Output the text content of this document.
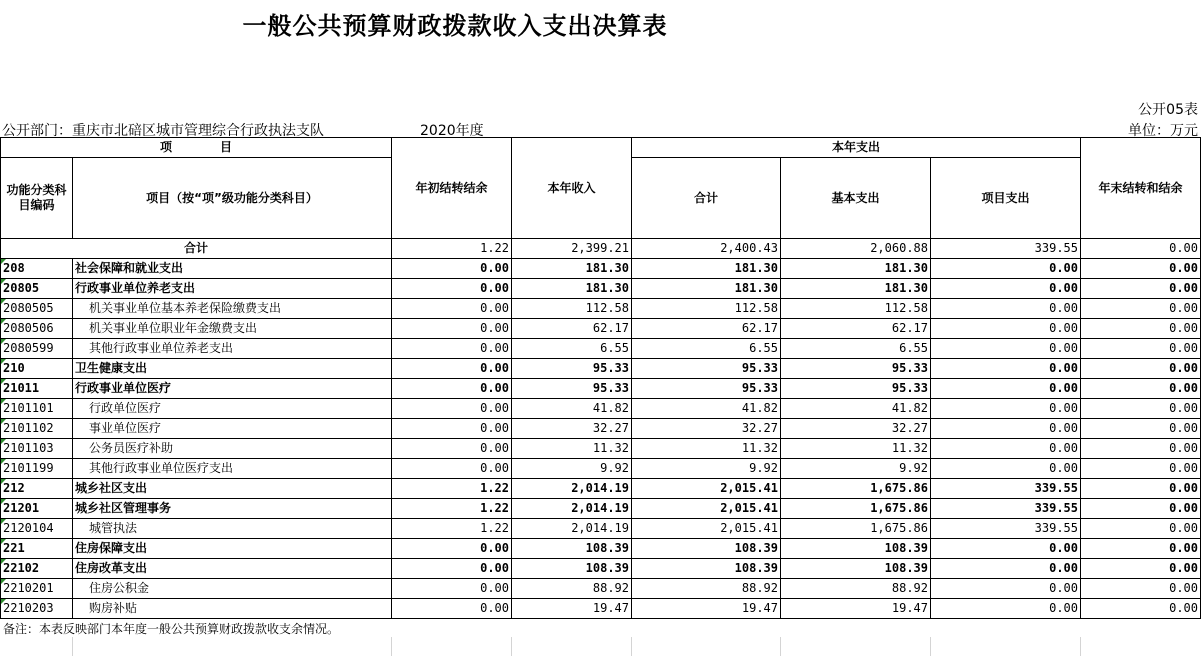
一般公共预算财政拨款收入支出决算表
公开05表
公开部门：重庆市北碚区城市管理综合行政执法支队	2020年度	单位：万元
项　　　　目		年初结转结余	本年收入	本年支出			年末结转和结余
功能分类科目编码	项目（按“项”级功能分类科目）			合计	基本支出	项目支出	
合计		1.22	2,399.21	2,400.43	2,060.88	339.55	0.00
208	社会保障和就业支出	0.00	181.30	181.30	181.30	0.00	0.00
20805	行政事业单位养老支出	0.00	181.30	181.30	181.30	0.00	0.00
2080505	机关事业单位基本养老保险缴费支出	0.00	112.58	112.58	112.58	0.00	0.00
2080506	机关事业单位职业年金缴费支出	0.00	62.17	62.17	62.17	0.00	0.00
2080599	其他行政事业单位养老支出	0.00	6.55	6.55	6.55	0.00	0.00
210	卫生健康支出	0.00	95.33	95.33	95.33	0.00	0.00
21011	行政事业单位医疗	0.00	95.33	95.33	95.33	0.00	0.00
2101101	行政单位医疗	0.00	41.82	41.82	41.82	0.00	0.00
2101102	事业单位医疗	0.00	32.27	32.27	32.27	0.00	0.00
2101103	公务员医疗补助	0.00	11.32	11.32	11.32	0.00	0.00
2101199	其他行政事业单位医疗支出	0.00	9.92	9.92	9.92	0.00	0.00
212	城乡社区支出	1.22	2,014.19	2,015.41	1,675.86	339.55	0.00
21201	城乡社区管理事务	1.22	2,014.19	2,015.41	1,675.86	339.55	0.00
2120104	城管执法	1.22	2,014.19	2,015.41	1,675.86	339.55	0.00
221	住房保障支出	0.00	108.39	108.39	108.39	0.00	0.00
22102	住房改革支出	0.00	108.39	108.39	108.39	0.00	0.00
2210201	住房公积金	0.00	88.92	88.92	88.92	0.00	0.00
2210203	购房补贴	0.00	19.47	19.47	19.47	0.00	0.00
备注：本表反映部门本年度一般公共预算财政拨款收支余情况。
